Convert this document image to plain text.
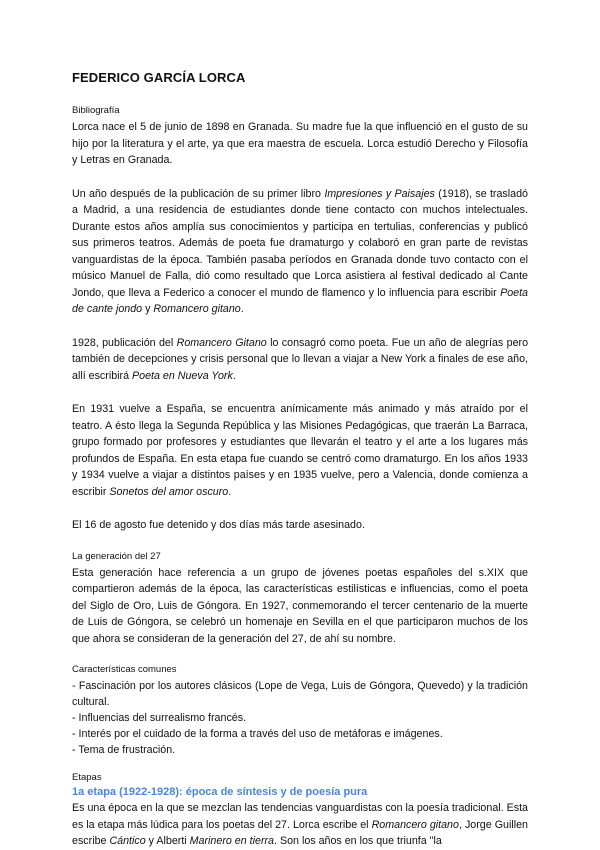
FEDERICO GARCÍA LORCA
Bibliografía

Lorca nace el 5 de junio de 1898 en Granada. Su madre fue la que influenció en el gusto de su hijo por la literatura y el arte, ya que era maestra de escuela. Lorca estudió Derecho y Filosofía y Letras en Granada.

Un año después de la publicación de su primer libro Impresiones y Paisajes (1918), se trasladó a Madrid, a una residencia de estudiantes donde tiene contacto con muchos intelectuales. Durante estos años amplía sus conocimientos y participa en tertulias, conferencias y publicó sus primeros teatros. Además de poeta fue dramaturgo y colaboró en gran parte de revistas vanguardistas de la época. También pasaba períodos en Granada donde tuvo contacto con el músico Manuel de Falla, dió como resultado que Lorca asistiera al festival dedicado al Cante Jondo, que lleva a Federico a conocer el mundo de flamenco y lo influencia para escribir Poeta de cante jondo y Romancero gitano.

1928, publicación del Romancero Gitano lo consagró como poeta. Fue un año de alegrías pero también de decepciones y crisis personal que lo llevan a viajar a New York a finales de ese año, allí escribirá Poeta en Nueva York.

En 1931 vuelve a España, se encuentra anímicamente más animado y más atraído por el teatro. A ésto llega la Segunda República y las Misiones Pedagógicas, que traerán La Barraca, grupo formado por profesores y estudiantes que llevarán el teatro y el arte a los lugares más profundos de España. En esta etapa fue cuando se centró como dramaturgo. En los años 1933 y 1934 vuelve a viajar a distintos países y en 1935 vuelve, pero a Valencia, donde comienza a escribir Sonetos del amor oscuro.

El 16 de agosto fue detenido y dos días más tarde asesinado.

La generación del 27

Esta generación hace referencia a un grupo de jóvenes poetas españoles del s.XIX que compartieron además de la época, las características estilísticas e influencias, como el poeta del Siglo de Oro, Luis de Góngora. En 1927, conmemorando el tercer centenario de la muerte de Luis de Góngora, se celebró un homenaje en Sevilla en el que participaron muchos de los que ahora se consideran de la generación del 27, de ahí su nombre.

Características comunes

- Fascinación por los autores clásicos (Lope de Vega, Luis de Góngora, Quevedo) y la tradición cultural.

- Influencias del surrealismo francés.

- Interés por el cuidado de la forma a través del uso de metáforas e imágenes.

- Tema de frustración.

Etapas
1a etapa (1922-1928): época de síntesis y de poesía pura

Es una época en la que se mezclan las tendencias vanguardistas con la poesía tradicional. Esta es la etapa más lúdica para los poetas del 27. Lorca escribe el Romancero gitano, Jorge Guillen escribe Cántico y Alberti Marinero en tierra. Son los años en los que triunfa "la
